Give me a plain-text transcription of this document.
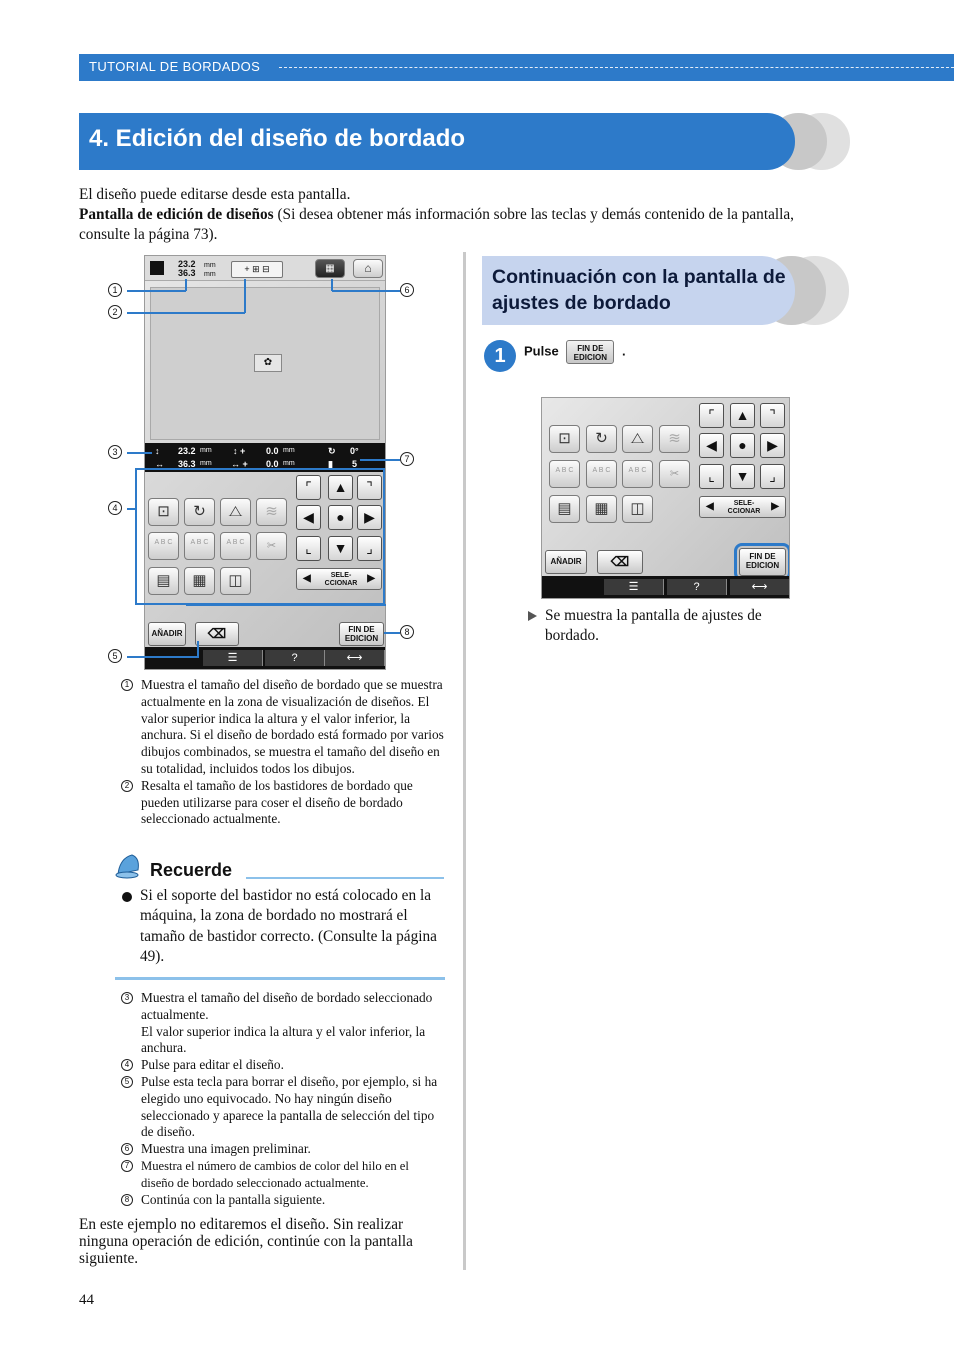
TUTORIAL DE BORDADOS
4. Edición del diseño de bordado
El diseño puede editarse desde esta pantalla.
Pantalla de edición de diseños (Si desea obtener más información sobre las teclas y demás contenido de la pantalla, consulte la página 73).
23.2 mm
36.3 mm
+ ⊞ ⊟	▦	⌂
✿
↕ 23.2 mm
↔ 36.3 mm
↕ + 0.0 mm
↔ + 0.0 mm
↻ 0°
▮ 5
⊡	↻	⧍	≋
A B C	A B C	A B C	✂
▤	▦	◫
⌜	▲	⌝
◀	●	▶
⌞	▼	⌟
◀	SELE-
CCIONAR ▶
AÑADIR	⌫	FIN DE EDICION
☰	?	⟷
1
2
3
4
5
6
7
8
1 Muestra el tamaño del diseño de bordado que se muestra actualmente en la zona de visualización de diseños. El valor superior indica la altura y el valor inferior, la anchura. Si el diseño de bordado está formado por varios dibujos combinados, se muestra el tamaño del diseño en su totalidad, incluidos todos los dibujos.
2 Resalta el tamaño de los bastidores de bordado que pueden utilizarse para coser el diseño de bordado seleccionado actualmente.
Recuerde
Si el soporte del bastidor no está colocado en la máquina, la zona de bordado no mostrará el tamaño de bastidor correcto. (Consulte la página 49).
3 Muestra el tamaño del diseño de bordado seleccionado actualmente.
El valor superior indica la altura y el valor inferior, la anchura.
4 Pulse para editar el diseño.
5 Pulse esta tecla para borrar el diseño, por ejemplo, si ha elegido uno equivocado. No hay ningún diseño seleccionado y aparece la pantalla de selección del tipo de diseño.
6 Muestra una imagen preliminar.
7 Muestra el número de cambios de color del hilo en el diseño de bordado seleccionado actualmente.
8 Continúa con la pantalla siguiente.
En este ejemplo no editaremos el diseño. Sin realizar ninguna operación de edición, continúe con la pantalla siguiente.
Continuación con la pantalla de ajustes de bordado
1	Pulse FIN DE EDICION .
⊡	↻	⧍	≋
A B C	A B C	A B C	✂
▤	▦	◫
⌜	▲	⌝
◀	●	▶
⌞	▼	⌟
◀	SELE-
CCIONAR	▶
AÑADIR	⌫	FIN DE EDICION
☰	?	⟷
Se muestra la pantalla de ajustes de bordado.
44
